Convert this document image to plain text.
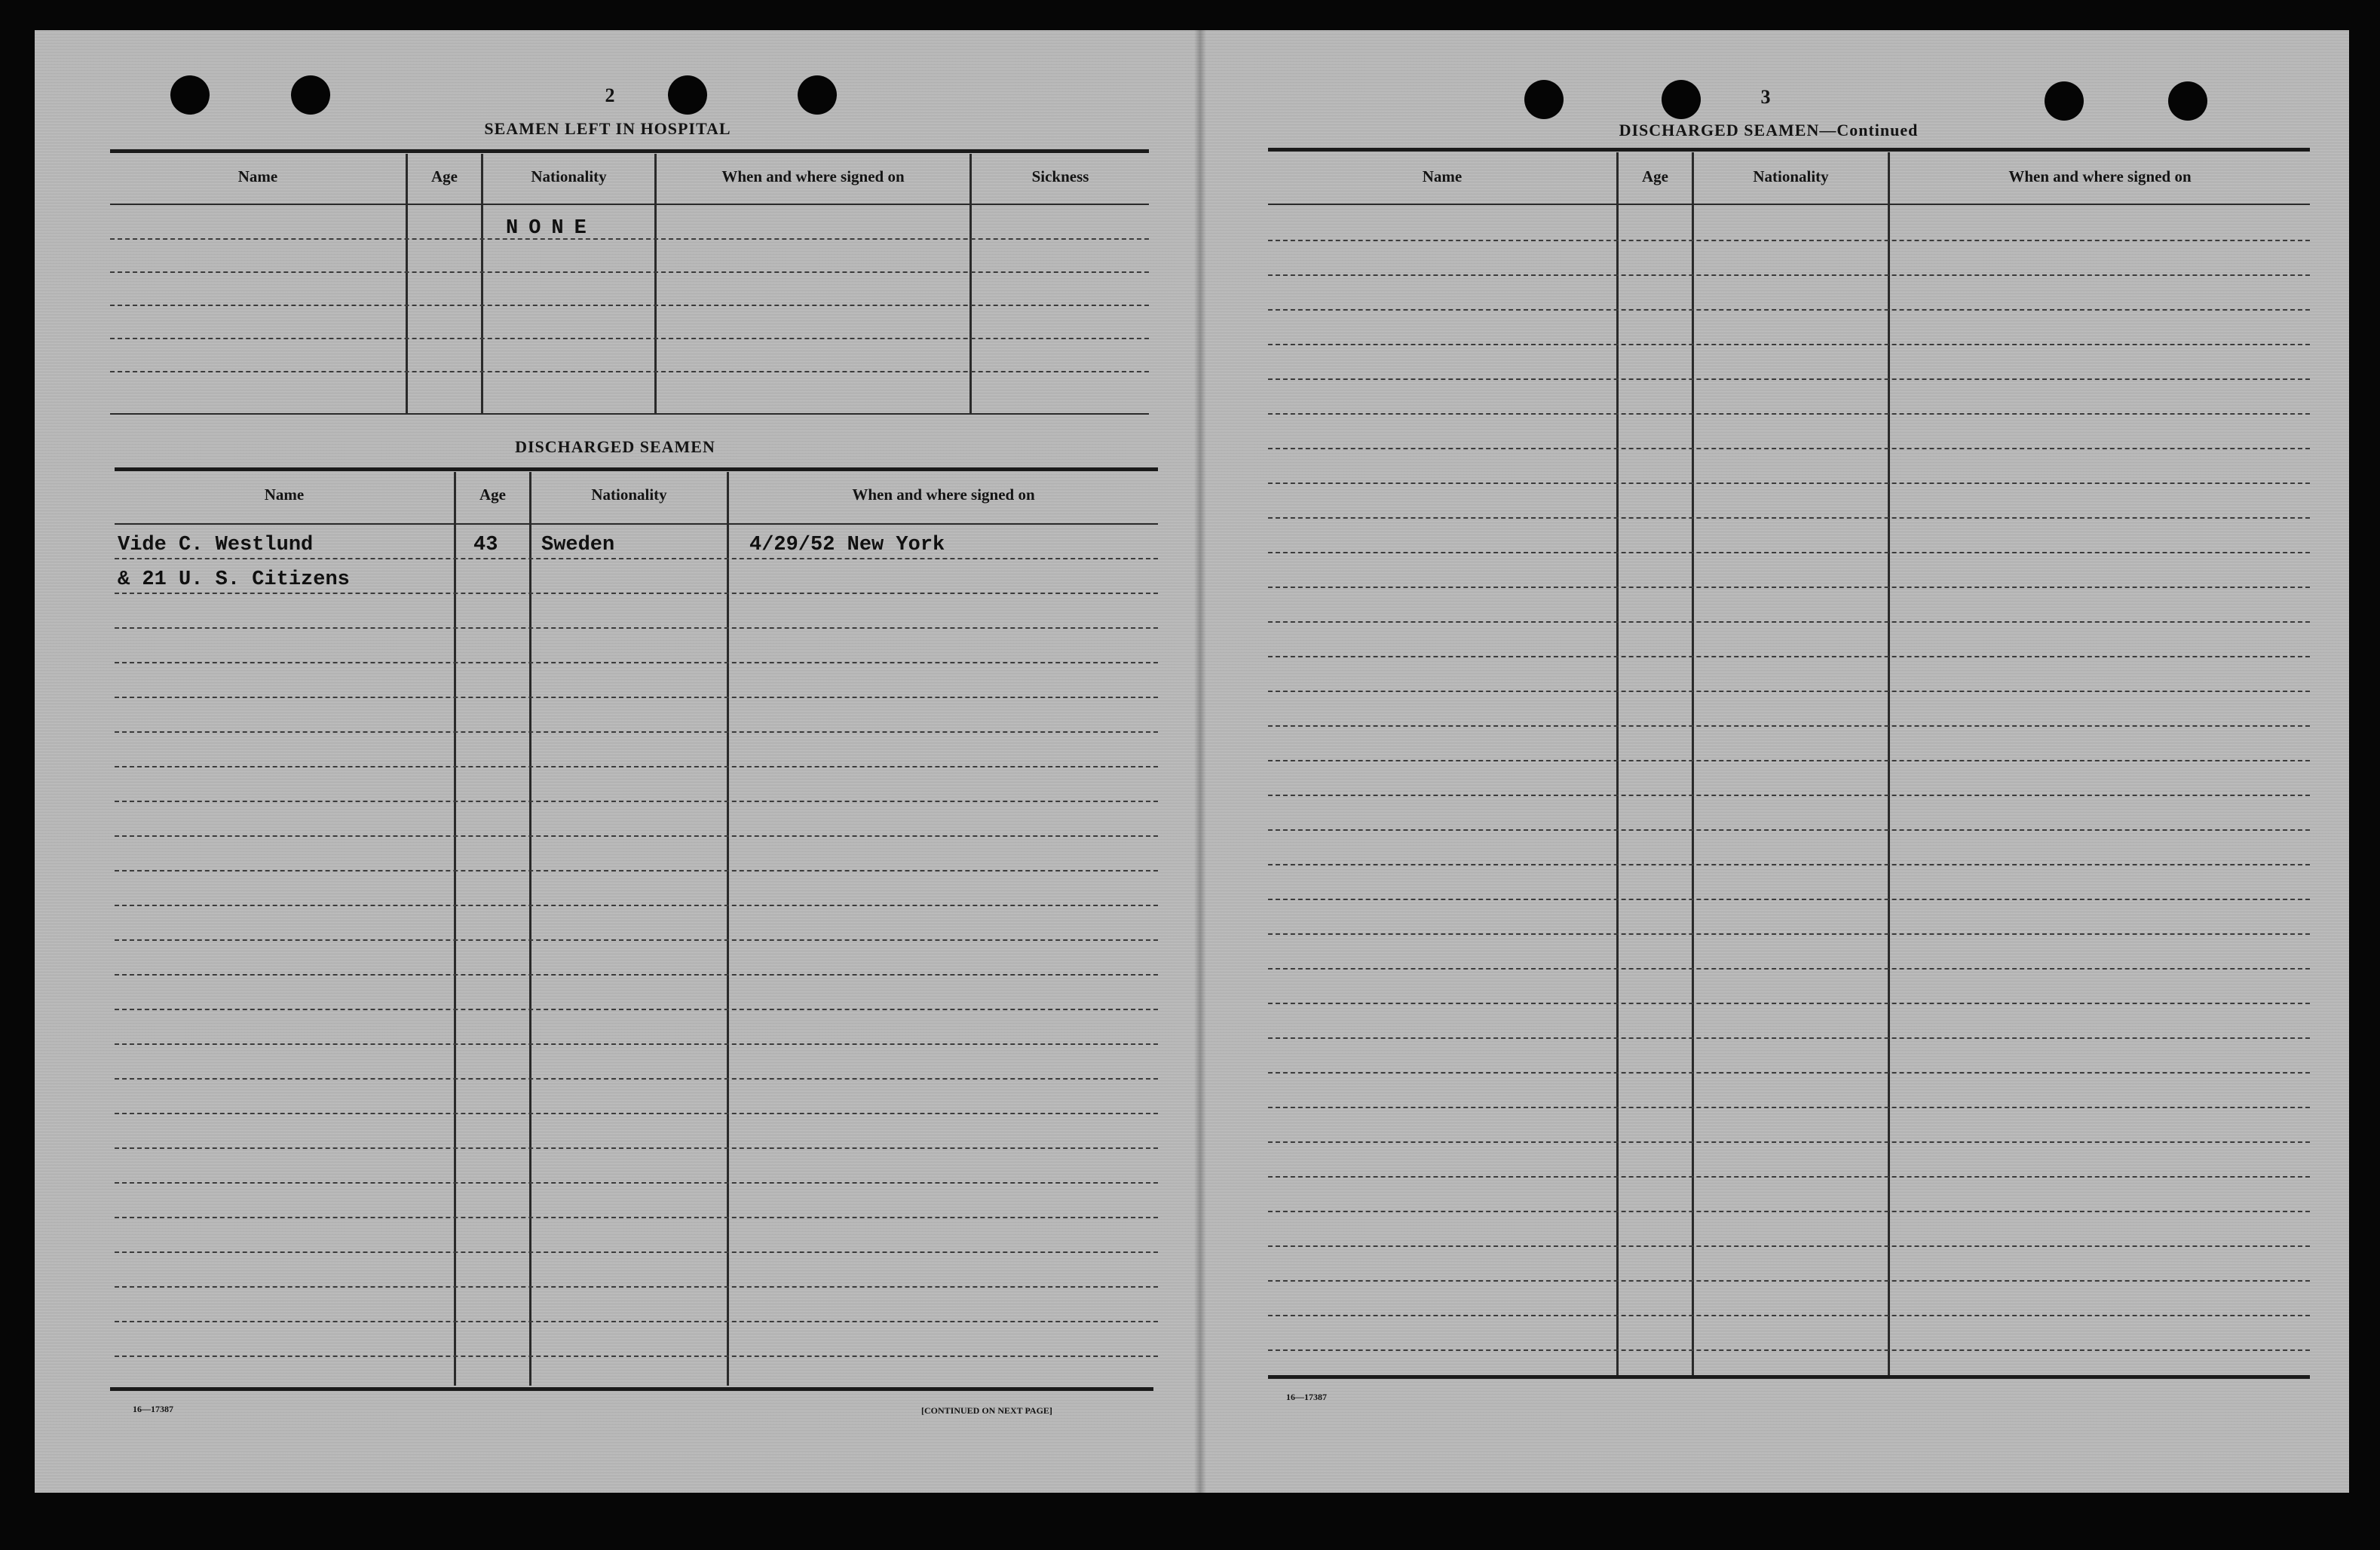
2
SEAMEN LEFT IN HOSPITAL
Name	Age	Nationality	When and where signed on	Sickness
NONE
DISCHARGED SEAMEN
Name	Age	Nationality	When and where signed on
Vide C. Westlund	43 Sweden	4/29/52 New York
& 21 U. S. Citizens
16—17387	[CONTINUED ON NEXT PAGE]
3
DISCHARGED SEAMEN—Continued
Name	Age	Nationality	When and where signed on
16—17387
